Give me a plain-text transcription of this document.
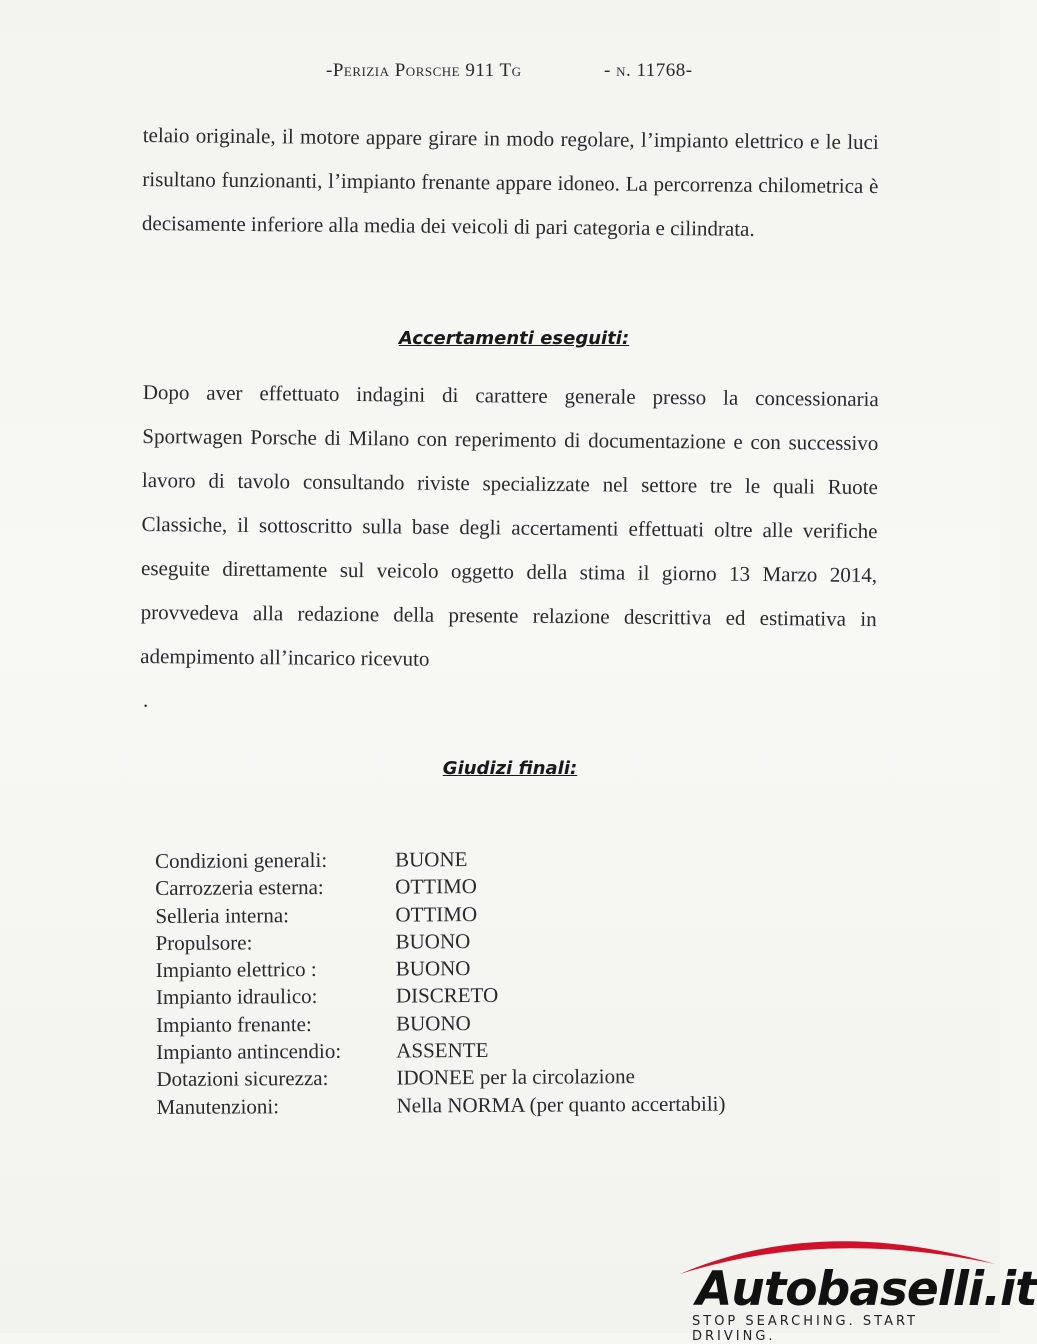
-Perizia Porsche 911 Tg	- n. 11768-

telaio originale, il motore appare girare in modo regolare, l’impianto elettrico e le luci risultano funzionanti, l’impianto frenante appare idoneo. La percorrenza chilometrica è decisamente inferiore alla media dei veicoli di pari categoria e cilindrata.

Accertamenti eseguiti:

Dopo aver effettuato indagini di carattere generale presso la concessionaria Sportwagen Porsche di Milano con reperimento di documentazione e con successivo lavoro di tavolo consultando riviste specializzate nel settore tre le quali Ruote Classiche, il sottoscritto sulla base degli accertamenti effettuati oltre alle verifiche eseguite direttamente sul veicolo oggetto della stima il giorno 13 Marzo 2014, provvedeva alla redazione della presente relazione descrittiva ed estimativa in adempimento all’incarico ricevuto

.
Giudizi finali:
Condizioni generali:	BUONE
Carrozzeria esterna:	OTTIMO
Selleria interna:	OTTIMO
Propulsore:	BUONO
Impianto elettrico :	BUONO
Impianto idraulico:	DISCRETO
Impianto frenante:	BUONO
Impianto antincendio:	ASSENTE
Dotazioni sicurezza:	IDONEE per la circolazione
Manutenzioni:	Nella NORMA (per quanto accertabili)
Autobaselli.it
STOP SEARCHING. START DRIVING.
